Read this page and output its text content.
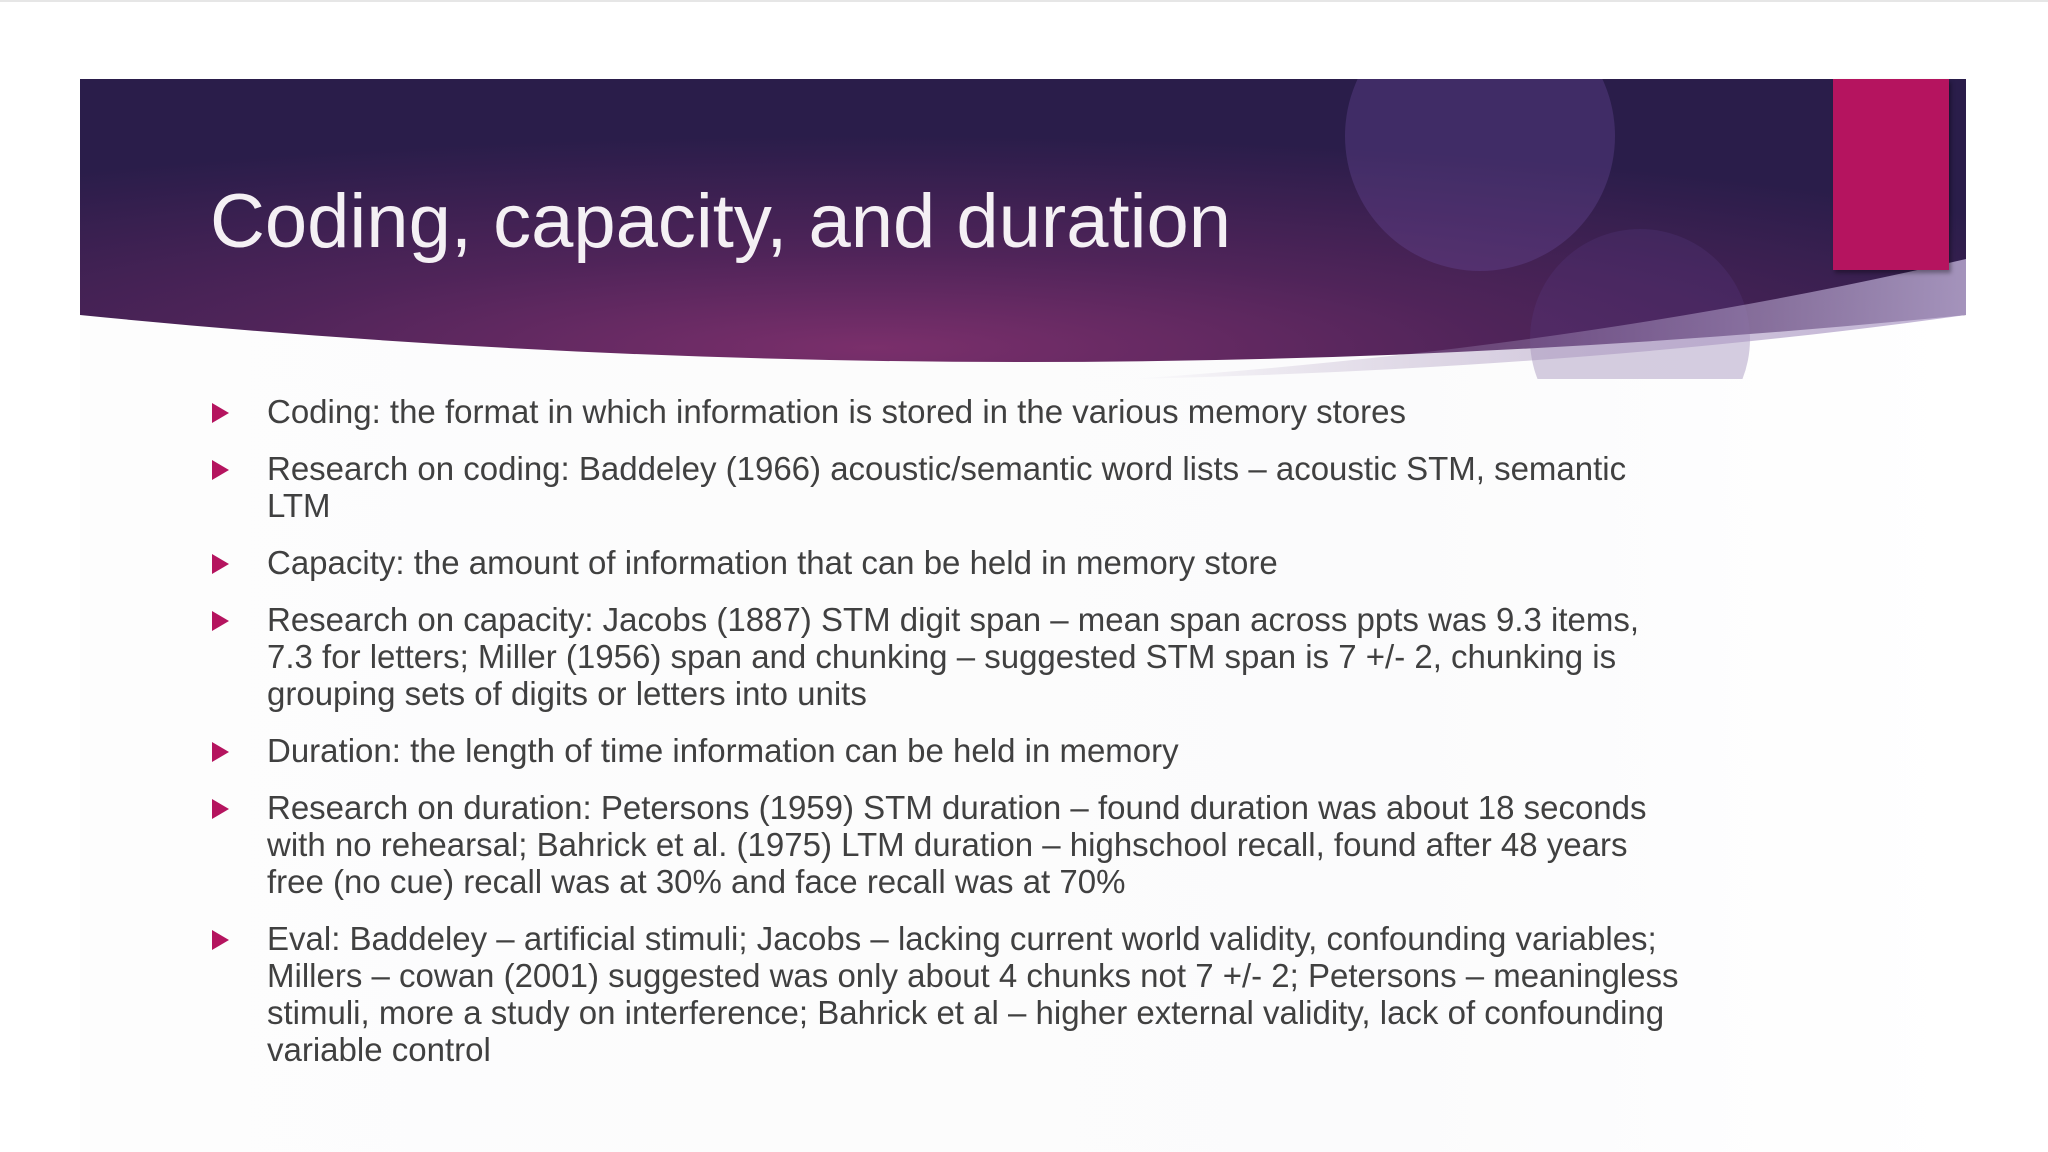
Coding, capacity, and duration
Coding: the format in which information is stored in the various memory stores
Research on coding: Baddeley (1966) acoustic/semantic word lists – acoustic STM, semantic LTM
Capacity: the amount of information that can be held in memory store
Research on capacity: Jacobs (1887) STM digit span – mean span across ppts was 9.3 items, 7.3 for letters; Miller (1956) span and chunking – suggested STM span is 7 +/- 2, chunking is grouping sets of digits or letters into units
Duration: the length of time information can be held in memory
Research on duration: Petersons (1959) STM duration – found duration was about 18 seconds with no rehearsal; Bahrick et al. (1975) LTM duration – highschool recall, found after 48 years free (no cue) recall was at 30% and face recall was at 70%
Eval: Baddeley – artificial stimuli; Jacobs – lacking current world validity, confounding variables; Millers – cowan (2001) suggested was only about 4 chunks not 7 +/- 2; Petersons – meaningless stimuli, more a study on interference; Bahrick et al – higher external validity, lack of confounding variable control
